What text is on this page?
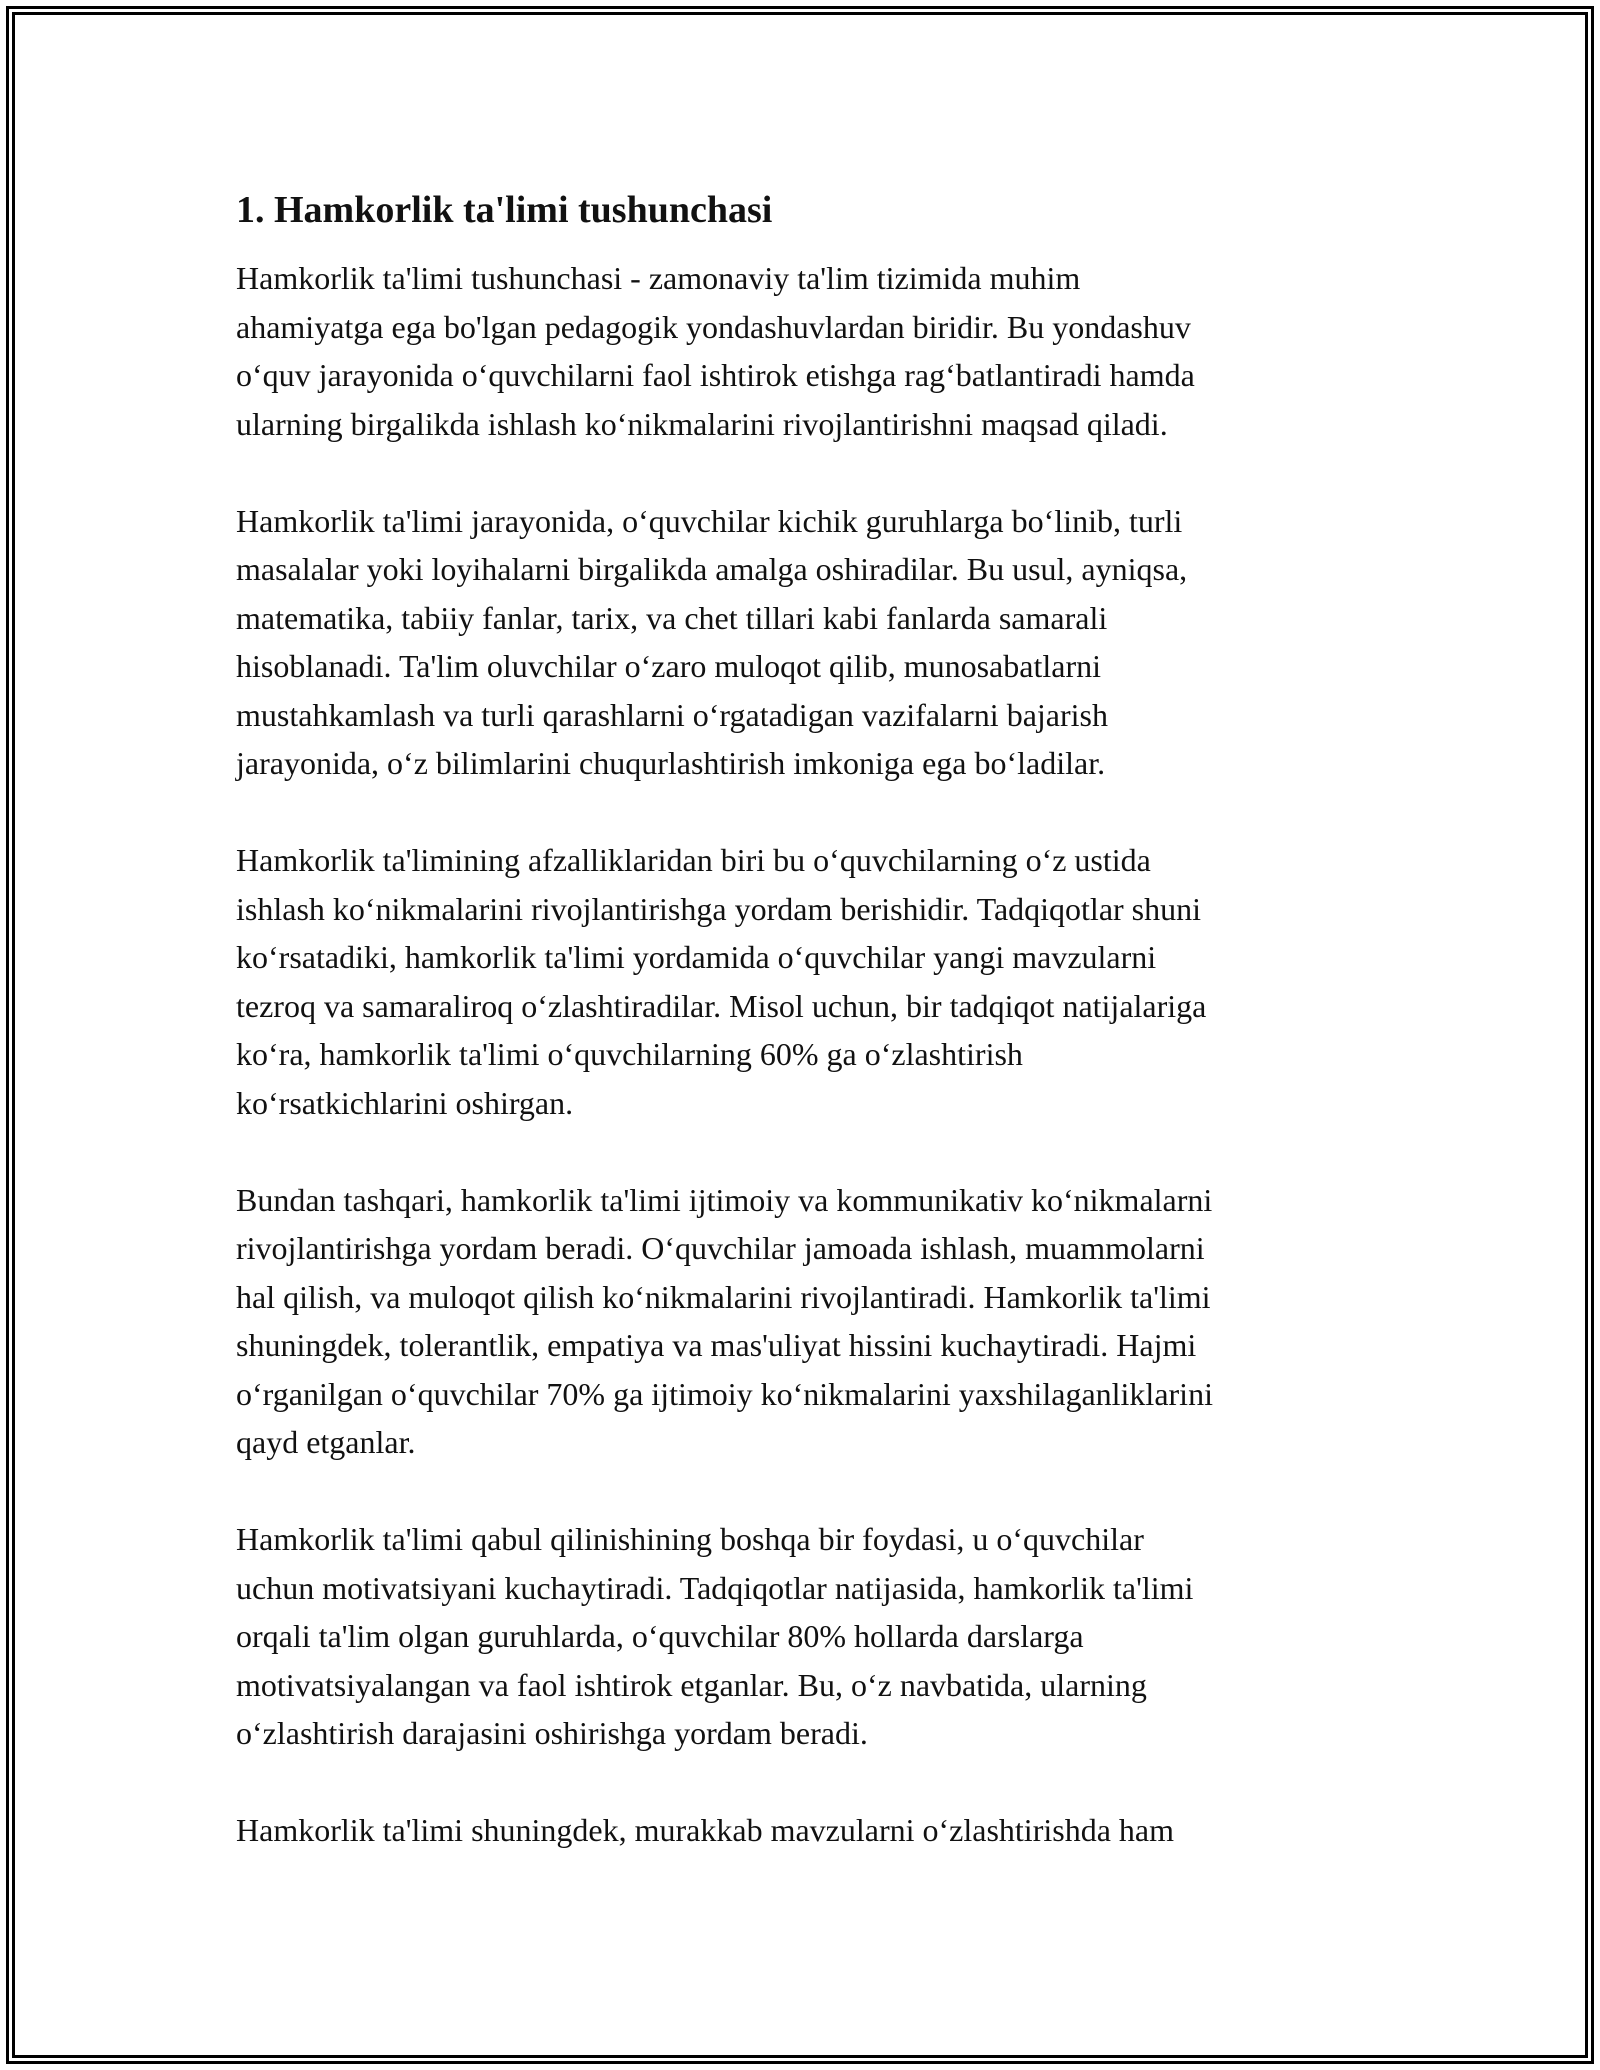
1. Hamkorlik ta'limi tushunchasi
Hamkorlik ta'limi tushunchasi - zamonaviy ta'lim tizimida muhim
ahamiyatga ega bo'lgan pedagogik yondashuvlardan biridir. Bu yondashuv
o‘quv jarayonida o‘quvchilarni faol ishtirok etishga rag‘batlantiradi hamda
ularning birgalikda ishlash ko‘nikmalarini rivojlantirishni maqsad qiladi.
Hamkorlik ta'limi jarayonida, o‘quvchilar kichik guruhlarga bo‘linib, turli
masalalar yoki loyihalarni birgalikda amalga oshiradilar. Bu usul, ayniqsa,
matematika, tabiiy fanlar, tarix, va chet tillari kabi fanlarda samarali
hisoblanadi. Ta'lim oluvchilar o‘zaro muloqot qilib, munosabatlarni
mustahkamlash va turli qarashlarni o‘rgatadigan vazifalarni bajarish
jarayonida, o‘z bilimlarini chuqurlashtirish imkoniga ega bo‘ladilar.
Hamkorlik ta'limining afzalliklaridan biri bu o‘quvchilarning o‘z ustida
ishlash ko‘nikmalarini rivojlantirishga yordam berishidir. Tadqiqotlar shuni
ko‘rsatadiki, hamkorlik ta'limi yordamida o‘quvchilar yangi mavzularni
tezroq va samaraliroq o‘zlashtiradilar. Misol uchun, bir tadqiqot natijalariga
ko‘ra, hamkorlik ta'limi o‘quvchilarning 60% ga o‘zlashtirish
ko‘rsatkichlarini oshirgan.
Bundan tashqari, hamkorlik ta'limi ijtimoiy va kommunikativ ko‘nikmalarni
rivojlantirishga yordam beradi. O‘quvchilar jamoada ishlash, muammolarni
hal qilish, va muloqot qilish ko‘nikmalarini rivojlantiradi. Hamkorlik ta'limi
shuningdek, tolerantlik, empatiya va mas'uliyat hissini kuchaytiradi. Hajmi
o‘rganilgan o‘quvchilar 70% ga ijtimoiy ko‘nikmalarini yaxshilaganliklarini
qayd etganlar.
Hamkorlik ta'limi qabul qilinishining boshqa bir foydasi, u o‘quvchilar
uchun motivatsiyani kuchaytiradi. Tadqiqotlar natijasida, hamkorlik ta'limi
orqali ta'lim olgan guruhlarda, o‘quvchilar 80% hollarda darslarga
motivatsiyalangan va faol ishtirok etganlar. Bu, o‘z navbatida, ularning
o‘zlashtirish darajasini oshirishga yordam beradi.
Hamkorlik ta'limi shuningdek, murakkab mavzularni o‘zlashtirishda ham
